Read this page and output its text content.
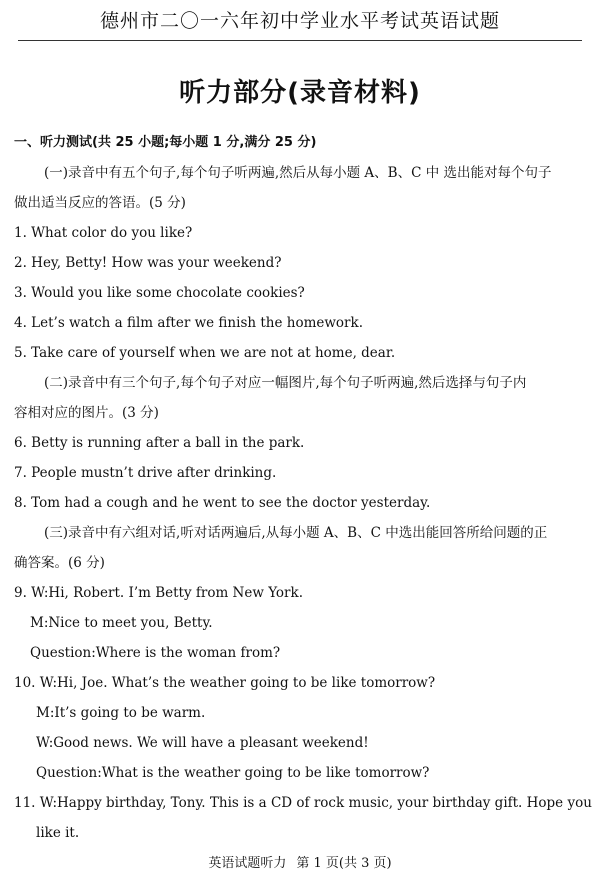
德州市二〇一六年初中学业水平考试英语试题
听力部分(录音材料)
一、听力测试(共 25 小题;每小题 1 分,满分 25 分)
(一)录音中有五个句子,每个句子听两遍,然后从每小题 A、B、C 中 选出能对每个句子
做出适当反应的答语。(5 分)
1. What color do you like?
2. Hey, Betty! How was your weekend?
3. Would you like some chocolate cookies?
4. Let’s watch a film after we finish the homework.
5. Take care of yourself when we are not at home, dear.
(二)录音中有三个句子,每个句子对应一幅图片,每个句子听两遍,然后选择与句子内
容相对应的图片。(3 分)
6. Betty is running after a ball in the park.
7. People mustn’t drive after drinking.
8. Tom had a cough and he went to see the doctor yesterday.
(三)录音中有六组对话,听对话两遍后,从每小题 A、B、C 中选出能回答所给问题的正
确答案。(6 分)
9. W:Hi, Robert. I’m Betty from New York.
M:Nice to meet you, Betty.
Question:Where is the woman from?
10. W:Hi, Joe. What’s the weather going to be like tomorrow?
M:It’s going to be warm.
W:Good news. We will have a pleasant weekend!
Question:What is the weather going to be like tomorrow?
11. W:Happy birthday, Tony. This is a CD of rock music, your birthday gift. Hope you
like it.
英语试题听力 第 1 页(共 3 页)
